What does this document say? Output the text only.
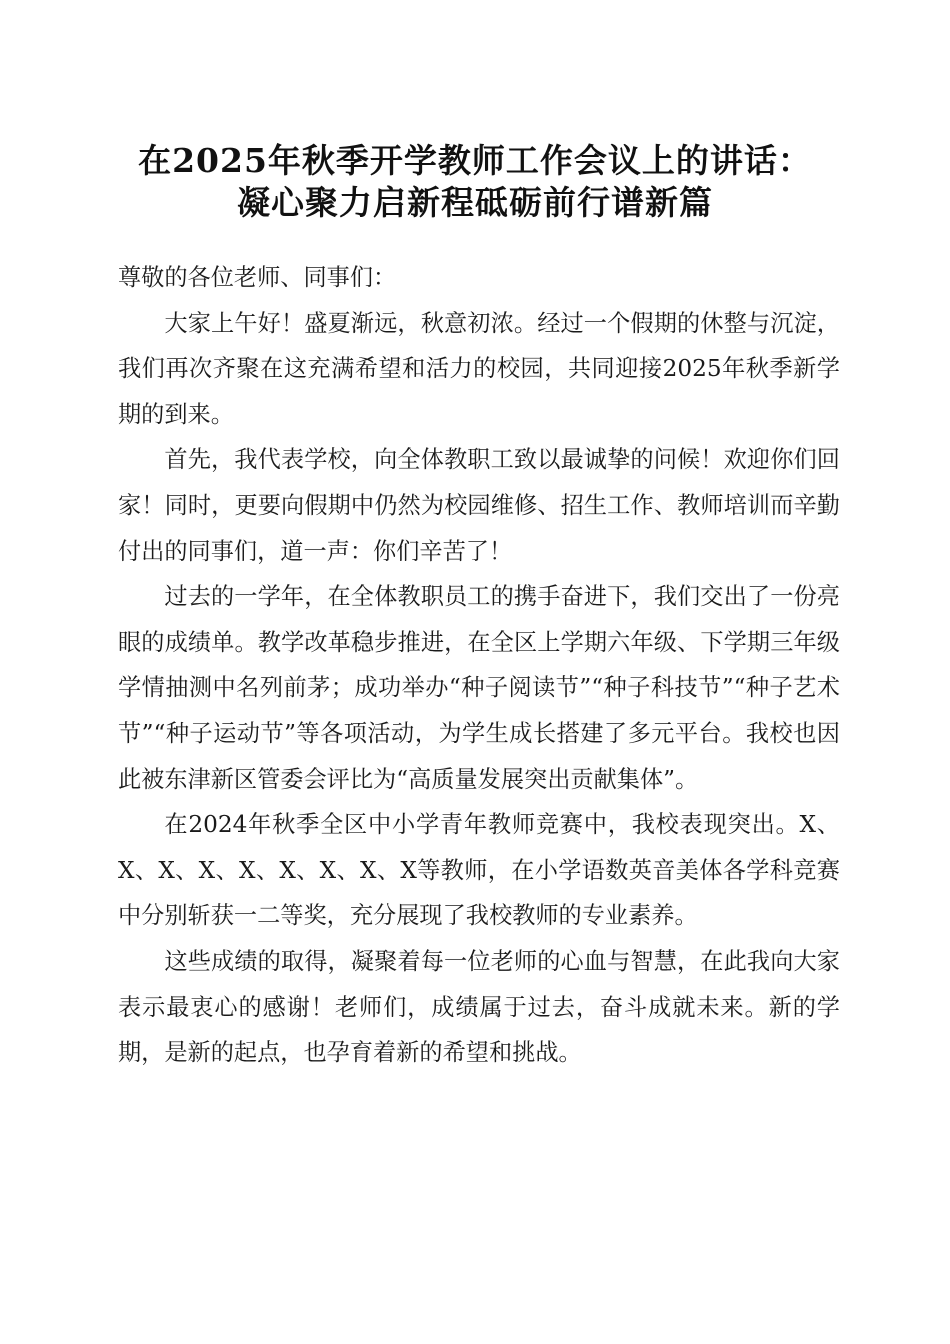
在2025年秋季开学教师工作会议上的讲话：
凝心聚力启新程砥砺前行谱新篇

尊敬的各位老师、同事们：

大家上午好！盛夏渐远，秋意初浓。经过一个假期的休整与沉淀，我们再次齐聚在这充满希望和活力的校园，共同迎接2025年秋季新学期的到来。

首先，我代表学校，向全体教职工致以最诚挚的问候！欢迎你们回家！同时，更要向假期中仍然为校园维修、招生工作、教师培训而辛勤付出的同事们，道一声：你们辛苦了！

过去的一学年，在全体教职员工的携手奋进下，我们交出了一份亮眼的成绩单。教学改革稳步推进，在全区上学期六年级、下学期三年级学情抽测中名列前茅；成功举办“种子阅读节”“种子科技节”“种子艺术节”“种子运动节”等各项活动，为学生成长搭建了多元平台。我校也因此被东津新区管委会评比为“高质量发展突出贡献集体”。

在2024年秋季全区中小学青年教师竞赛中，我校表现突出。X、X、X、X、X、X、X、X、X等教师，在小学语数英音美体各学科竞赛中分别斩获一二等奖，充分展现了我校教师的专业素养。

这些成绩的取得，凝聚着每一位老师的心血与智慧，在此我向大家表示最衷心的感谢！老师们，成绩属于过去，奋斗成就未来。新的学期，是新的起点，也孕育着新的希望和挑战。
